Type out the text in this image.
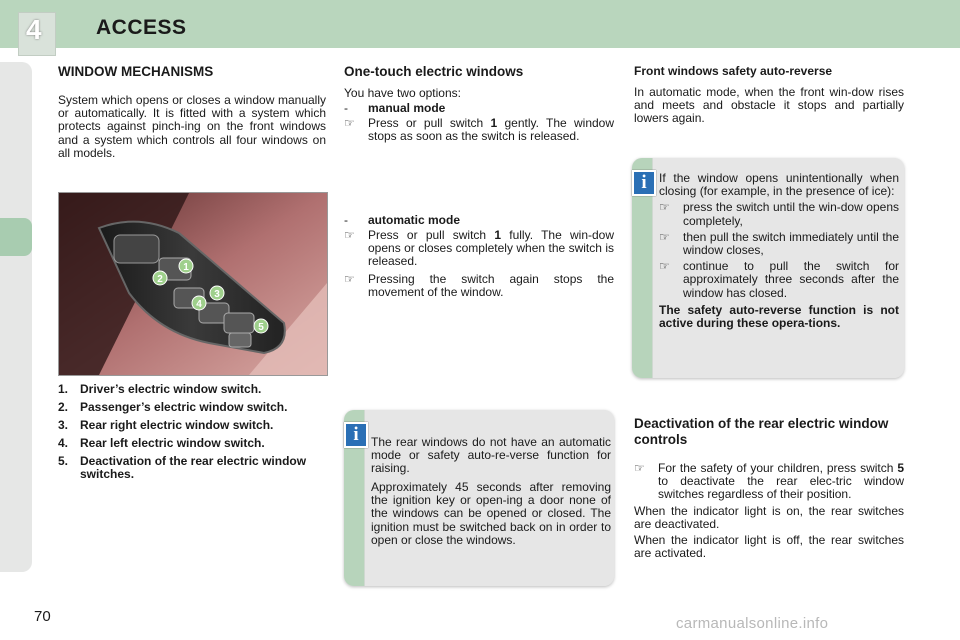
4	ACCESS
WINDOW MECHANISMS

System which opens or closes a window manually or automatically. It is fitted with a system which protects against pinch-ing on the front windows and a system which controls all four windows on all models.

1
2
3
4
5
1. Driver’s electric window switch.
2. Passenger’s electric window switch.
3. Rear right electric window switch.
4. Rear left electric window switch.
5. Deactivation of the rear electric window switches.
One-touch electric windows

You have two options:

-	manual mode
☞	Press or pull switch 1 gently. The window stops as soon as the switch is released.
-	automatic mode
☞	Press or pull switch 1 fully. The win-dow opens or closes completely when the switch is released.
☞	Pressing the switch again stops the movement of the window.

The rear windows do not have an automatic mode or safety auto-re-verse function for raising.

Approximately 45 seconds after removing the ignition key or open-ing a door none of the windows can be opened or closed. The ignition must be switched back on in order to open or close the windows.

i
Front windows safety auto-reverse

In automatic mode, when the front win-dow rises and meets and obstacle it stops and partially lowers again.

If the window opens unintentionally when closing (for example, in the presence of ice):

☞	press the switch until the win-dow opens completely,
☞	then pull the switch immediately until the window closes,
☞	continue to pull the switch for approximately three seconds after the window has closed.

The safety auto-reverse function is not active during these opera-tions.

i
Deactivation of the rear electric window controls
☞	For the safety of your children, press switch 5 to deactivate the rear elec-tric window switches regardless of their position.

When the indicator light is on, the rear switches are deactivated.

When the indicator light is off, the rear switches are activated.

70	carmanualsonline.info
